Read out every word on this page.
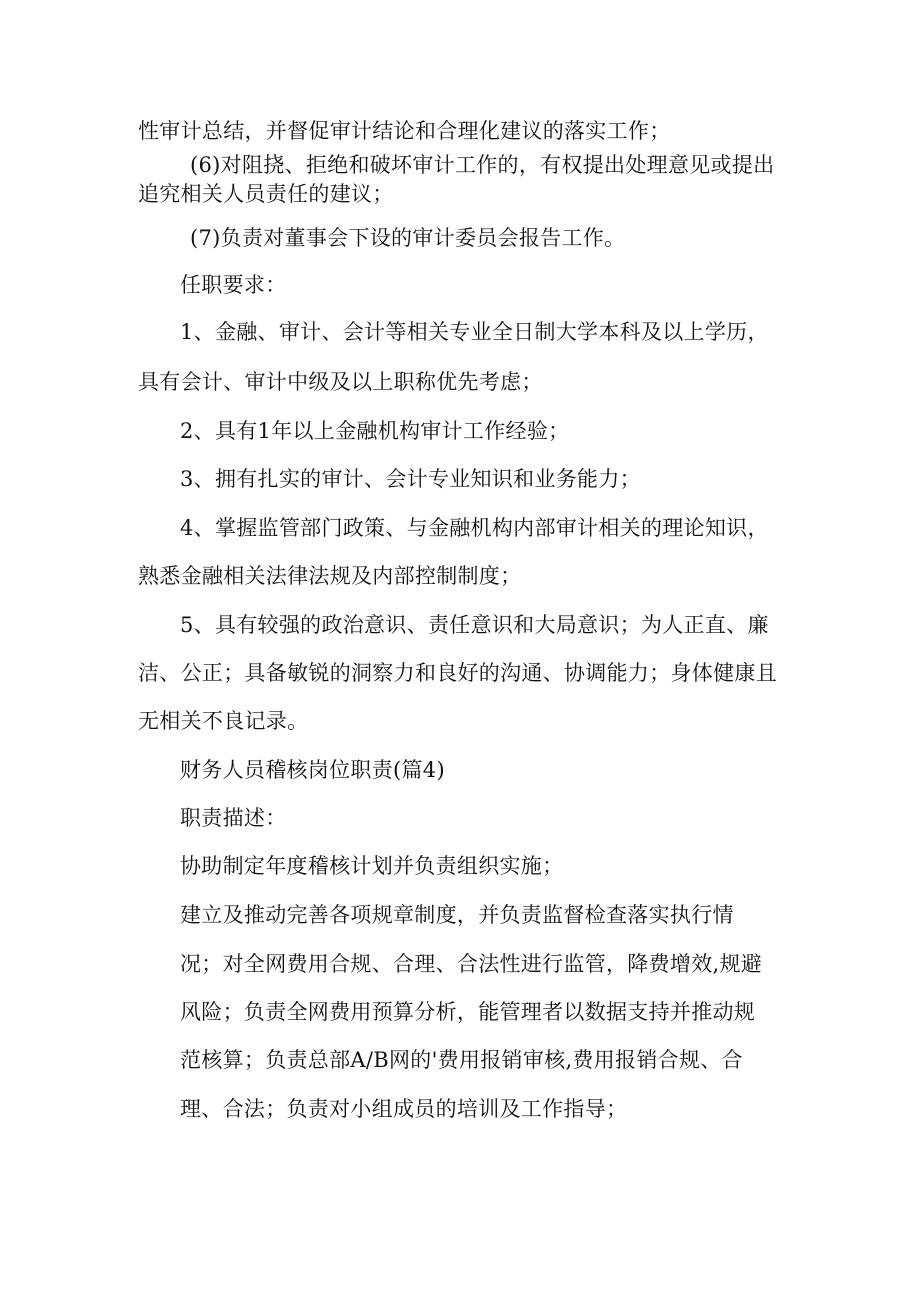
性审计总结，并督促审计结论和合理化建议的落实工作；
(6)对阻挠、拒绝和破坏审计工作的，有权提出处理意见或提出
追究相关人员责任的建议；
(7)负责对董事会下设的审计委员会报告工作。
任职要求：
1、金融、审计、会计等相关专业全日制大学本科及以上学历，
具有会计、审计中级及以上职称优先考虑；
2、具有1年以上金融机构审计工作经验；
3、拥有扎实的审计、会计专业知识和业务能力；
4、掌握监管部门政策、与金融机构内部审计相关的理论知识，
熟悉金融相关法律法规及内部控制制度；
5、具有较强的政治意识、责任意识和大局意识；为人正直、廉
洁、公正；具备敏锐的洞察力和良好的沟通、协调能力；身体健康且
无相关不良记录。
财务人员稽核岗位职责(篇4)
职责描述：
协助制定年度稽核计划并负责组织实施；
建立及推动完善各项规章制度，并负责监督检查落实执行情
况；对全网费用合规、合理、合法性进行监管，降费增效,规避
风险；负责全网费用预算分析，能管理者以数据支持并推动规
范核算；负责总部A/B网的'费用报销审核,费用报销合规、合
理、合法；负责对小组成员的培训及工作指导；
